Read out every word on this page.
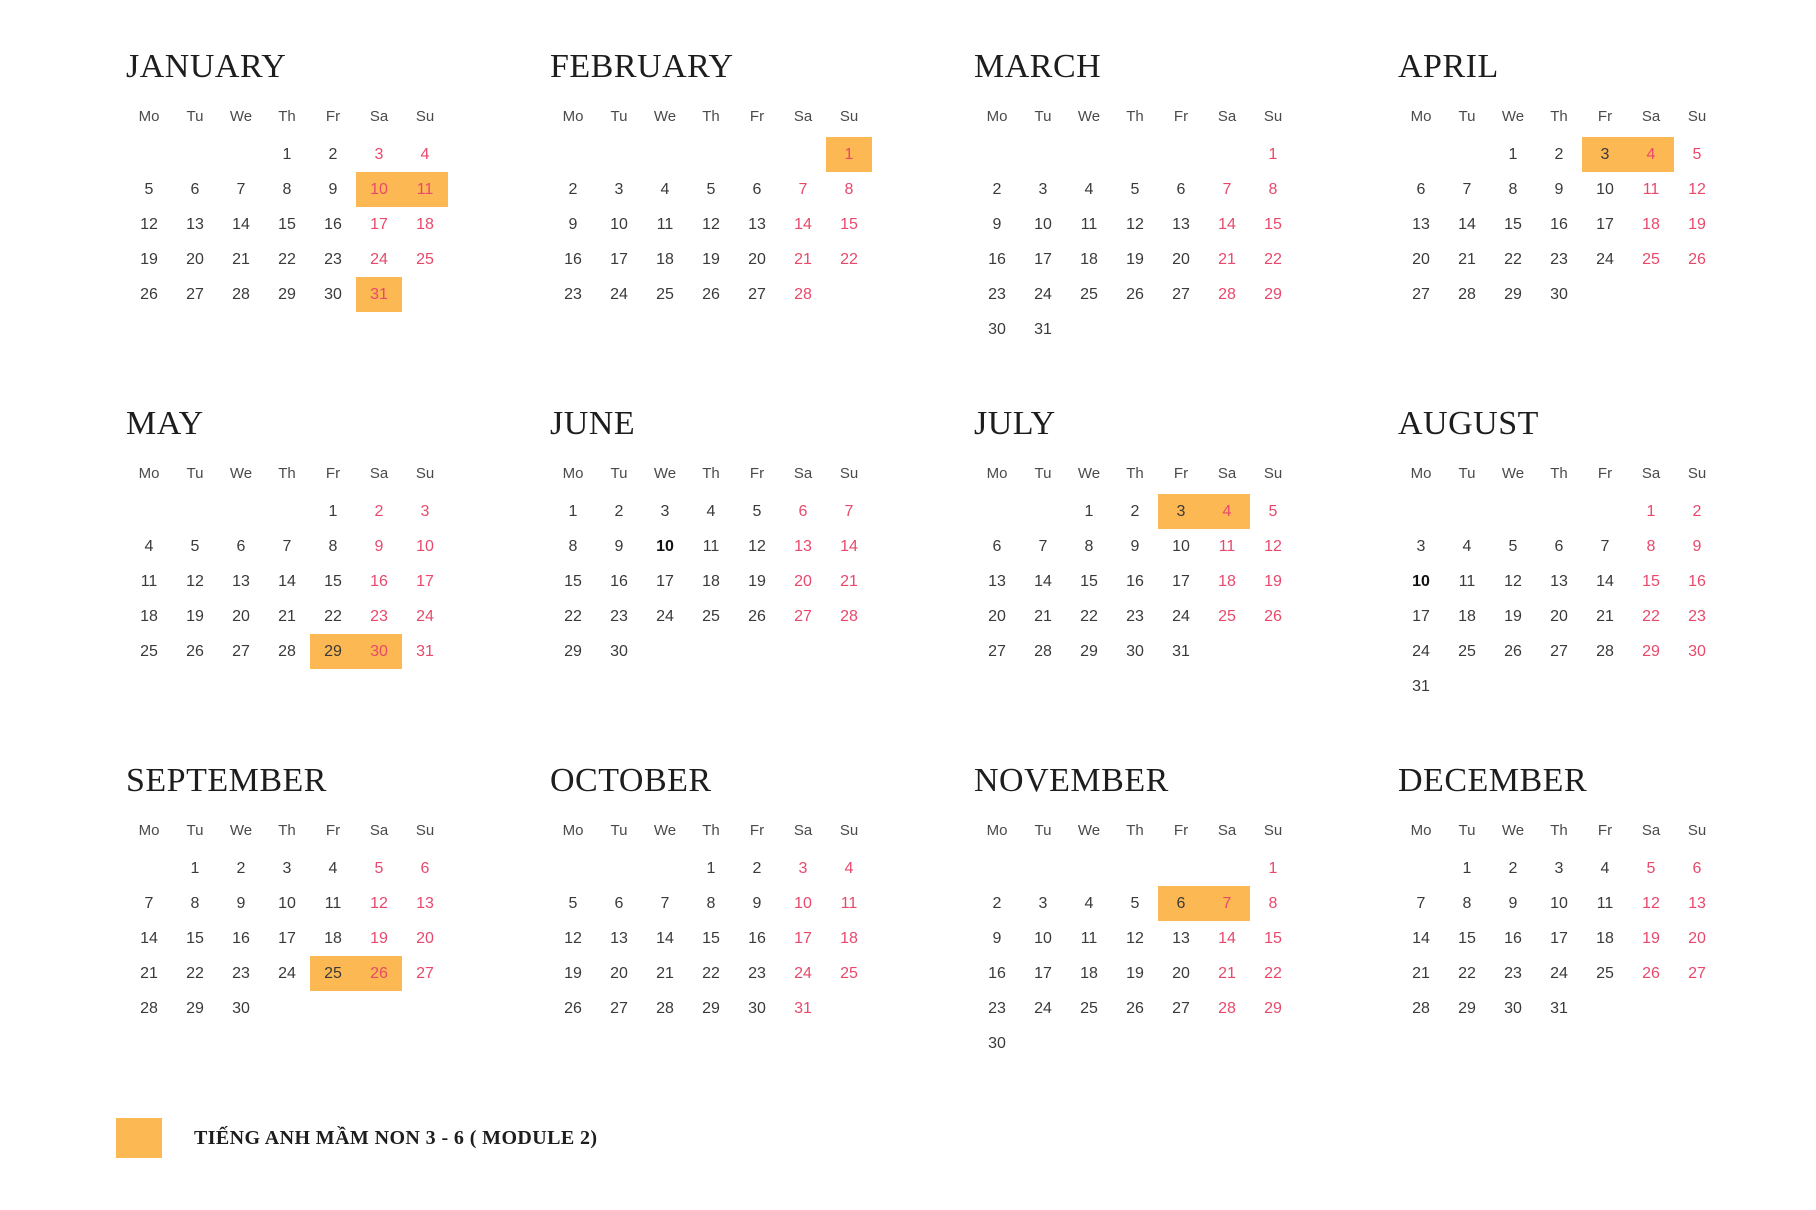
JANUARY
Mo	Tu	We	Th	Fr	Sa	Su
			1	2	3	4
5	6	7	8	9	10	11
12	13	14	15	16	17	18
19	20	21	22	23	24	25
26	27	28	29	30	31	
FEBRUARY
Mo	Tu	We	Th	Fr	Sa	Su
						1
2	3	4	5	6	7	8
9	10	11	12	13	14	15
16	17	18	19	20	21	22
23	24	25	26	27	28	
MARCH
Mo	Tu	We	Th	Fr	Sa	Su
						1
2	3	4	5	6	7	8
9	10	11	12	13	14	15
16	17	18	19	20	21	22
23	24	25	26	27	28	29
30	31					
APRIL
Mo	Tu	We	Th	Fr	Sa	Su
		1	2	3	4	5
6	7	8	9	10	11	12
13	14	15	16	17	18	19
20	21	22	23	24	25	26
27	28	29	30			
MAY
Mo	Tu	We	Th	Fr	Sa	Su
				1	2	3
4	5	6	7	8	9	10
11	12	13	14	15	16	17
18	19	20	21	22	23	24
25	26	27	28	29	30	31
JUNE
Mo	Tu	We	Th	Fr	Sa	Su
1	2	3	4	5	6	7
8	9	10	11	12	13	14
15	16	17	18	19	20	21
22	23	24	25	26	27	28
29	30					
JULY
Mo	Tu	We	Th	Fr	Sa	Su
		1	2	3	4	5
6	7	8	9	10	11	12
13	14	15	16	17	18	19
20	21	22	23	24	25	26
27	28	29	30	31		
AUGUST
Mo	Tu	We	Th	Fr	Sa	Su
					1	2
3	4	5	6	7	8	9
10	11	12	13	14	15	16
17	18	19	20	21	22	23
24	25	26	27	28	29	30
31						
SEPTEMBER
Mo	Tu	We	Th	Fr	Sa	Su
	1	2	3	4	5	6
7	8	9	10	11	12	13
14	15	16	17	18	19	20
21	22	23	24	25	26	27
28	29	30				
OCTOBER
Mo	Tu	We	Th	Fr	Sa	Su
			1	2	3	4
5	6	7	8	9	10	11
12	13	14	15	16	17	18
19	20	21	22	23	24	25
26	27	28	29	30	31	
NOVEMBER
Mo	Tu	We	Th	Fr	Sa	Su
						1
2	3	4	5	6	7	8
9	10	11	12	13	14	15
16	17	18	19	20	21	22
23	24	25	26	27	28	29
30						
DECEMBER
Mo	Tu	We	Th	Fr	Sa	Su
	1	2	3	4	5	6
7	8	9	10	11	12	13
14	15	16	17	18	19	20
21	22	23	24	25	26	27
28	29	30	31			
TIẾNG ANH MẦM NON 3 - 6 ( MODULE 2)
